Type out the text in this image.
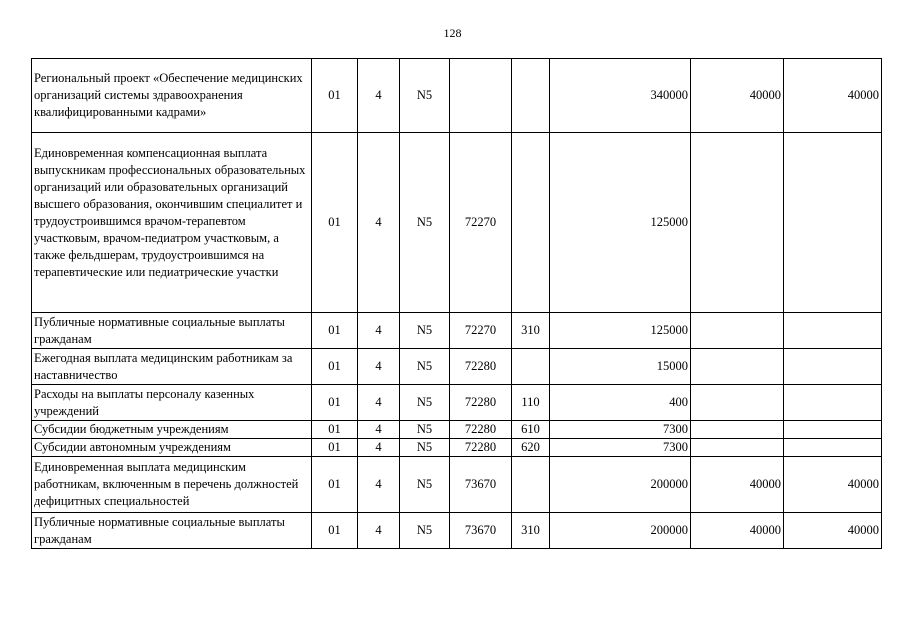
128
Региональный проект «Обеспечение медицинских организаций системы здравоохранения квалифицированными кадрами»	01	4	N5			340000	40000	40000

Единовременная компенсационная выплата выпускникам профессиональных образовательных организаций или образовательных организаций высшего образования, окончившим специалитет и трудоустроившимся врачом-терапевтом участковым, врачом-педиатром участковым, а также фельдшерам, трудоустроившимся на терапевтические или педиатрические участки	01	4	N5	72270		125000		
Публичные нормативные социальные выплаты гражданам	01	4	N5	72270	310	125000		
Ежегодная выплата медицинским работникам за наставничество	01	4	N5	72280		15000		
Расходы на выплаты персоналу казенных учреждений	01	4	N5	72280	110	400		
Субсидии бюджетным учреждениям	01	4	N5	72280	610	7300		
Субсидии автономным учреждениям	01	4	N5	72280	620	7300		
Единовременная выплата медицинским работникам, включенным в перечень должностей дефицитных специальностей	01	4	N5	73670		200000	40000	40000
Публичные нормативные социальные выплаты гражданам	01	4	N5	73670	310	200000	40000	40000
